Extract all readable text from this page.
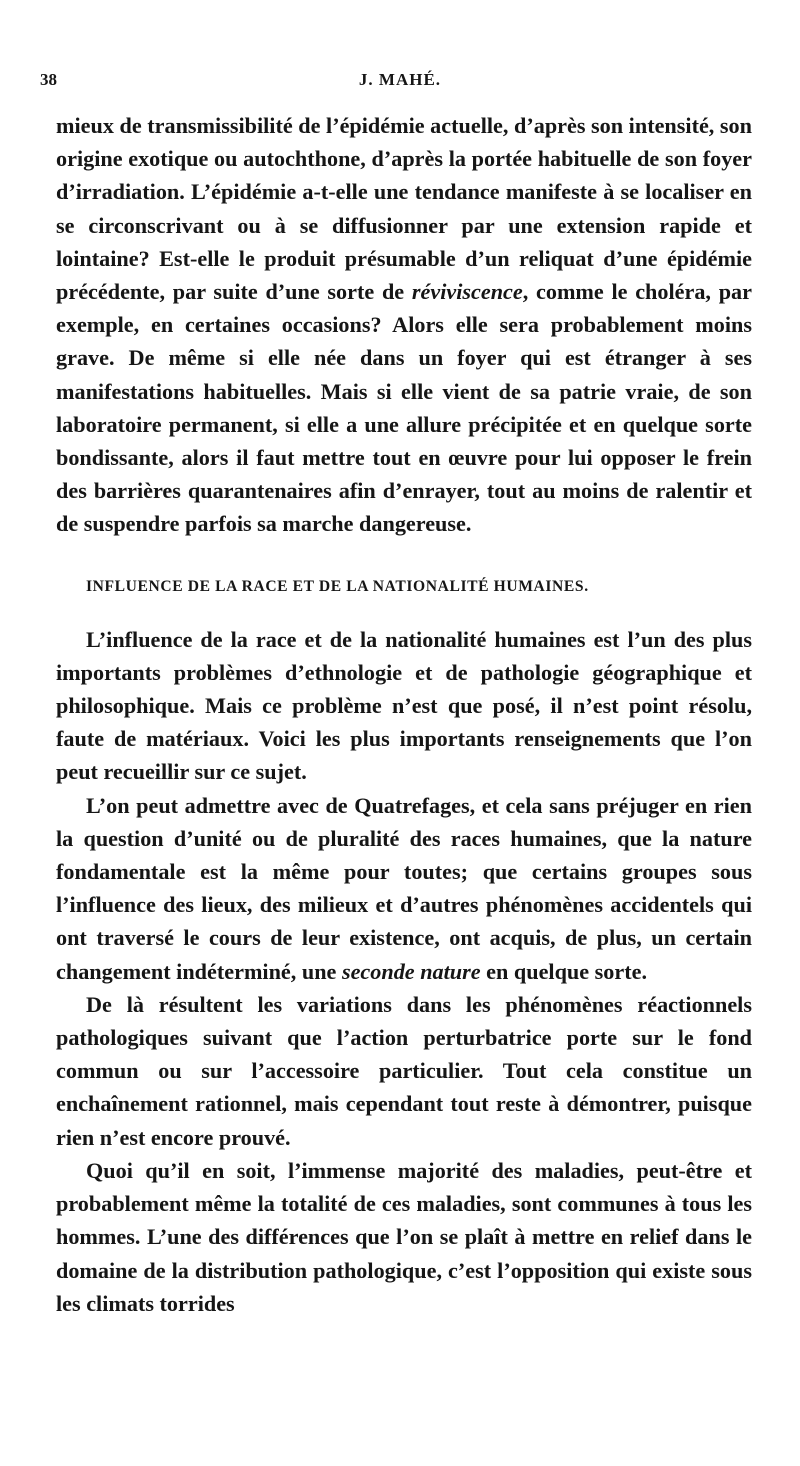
38	J. MAHÉ.

mieux de transmissibilité de l’épidémie actuelle, d’après son intensité, son origine exotique ou autochthone, d’après la portée habituelle de son foyer d’irradiation. L’épidémie a-t-elle une tendance manifeste à se localiser en se circonscrivant ou à se diffusionner par une extension rapide et lointaine? Est-elle le produit présumable d’un reliquat d’une épidémie précédente, par suite d’une sorte de réviviscence, comme le choléra, par exemple, en certaines occasions? Alors elle sera probablement moins grave. De même si elle née dans un foyer qui est étranger à ses manifestations habituelles. Mais si elle vient de sa patrie vraie, de son laboratoire permanent, si elle a une allure précipitée et en quelque sorte bondissante, alors il faut mettre tout en œuvre pour lui opposer le frein des barrières quarantenaires afin d’enrayer, tout au moins de ralentir et de suspendre parfois sa marche dangereuse.

INFLUENCE DE LA RACE ET DE LA NATIONALITÉ HUMAINES.

L’influence de la race et de la nationalité humaines est l’un des plus importants problèmes d’ethnologie et de pathologie géographique et philosophique. Mais ce problème n’est que posé, il n’est point résolu, faute de matériaux. Voici les plus importants renseignements que l’on peut recueillir sur ce sujet.

L’on peut admettre avec de Quatrefages, et cela sans préjuger en rien la question d’unité ou de pluralité des races humaines, que la nature fondamentale est la même pour toutes; que certains groupes sous l’influence des lieux, des milieux et d’autres phénomènes accidentels qui ont traversé le cours de leur existence, ont acquis, de plus, un certain changement indéterminé, une seconde nature en quelque sorte.

De là résultent les variations dans les phénomènes réactionnels pathologiques suivant que l’action perturbatrice porte sur le fond commun ou sur l’accessoire particulier. Tout cela constitue un enchaînement rationnel, mais cependant tout reste à démontrer, puisque rien n’est encore prouvé.

Quoi qu’il en soit, l’immense majorité des maladies, peut-être et probablement même la totalité de ces maladies, sont communes à tous les hommes. L’une des différences que l’on se plaît à mettre en relief dans le domaine de la distribution pathologique, c’est l’opposition qui existe sous les climats torrides
